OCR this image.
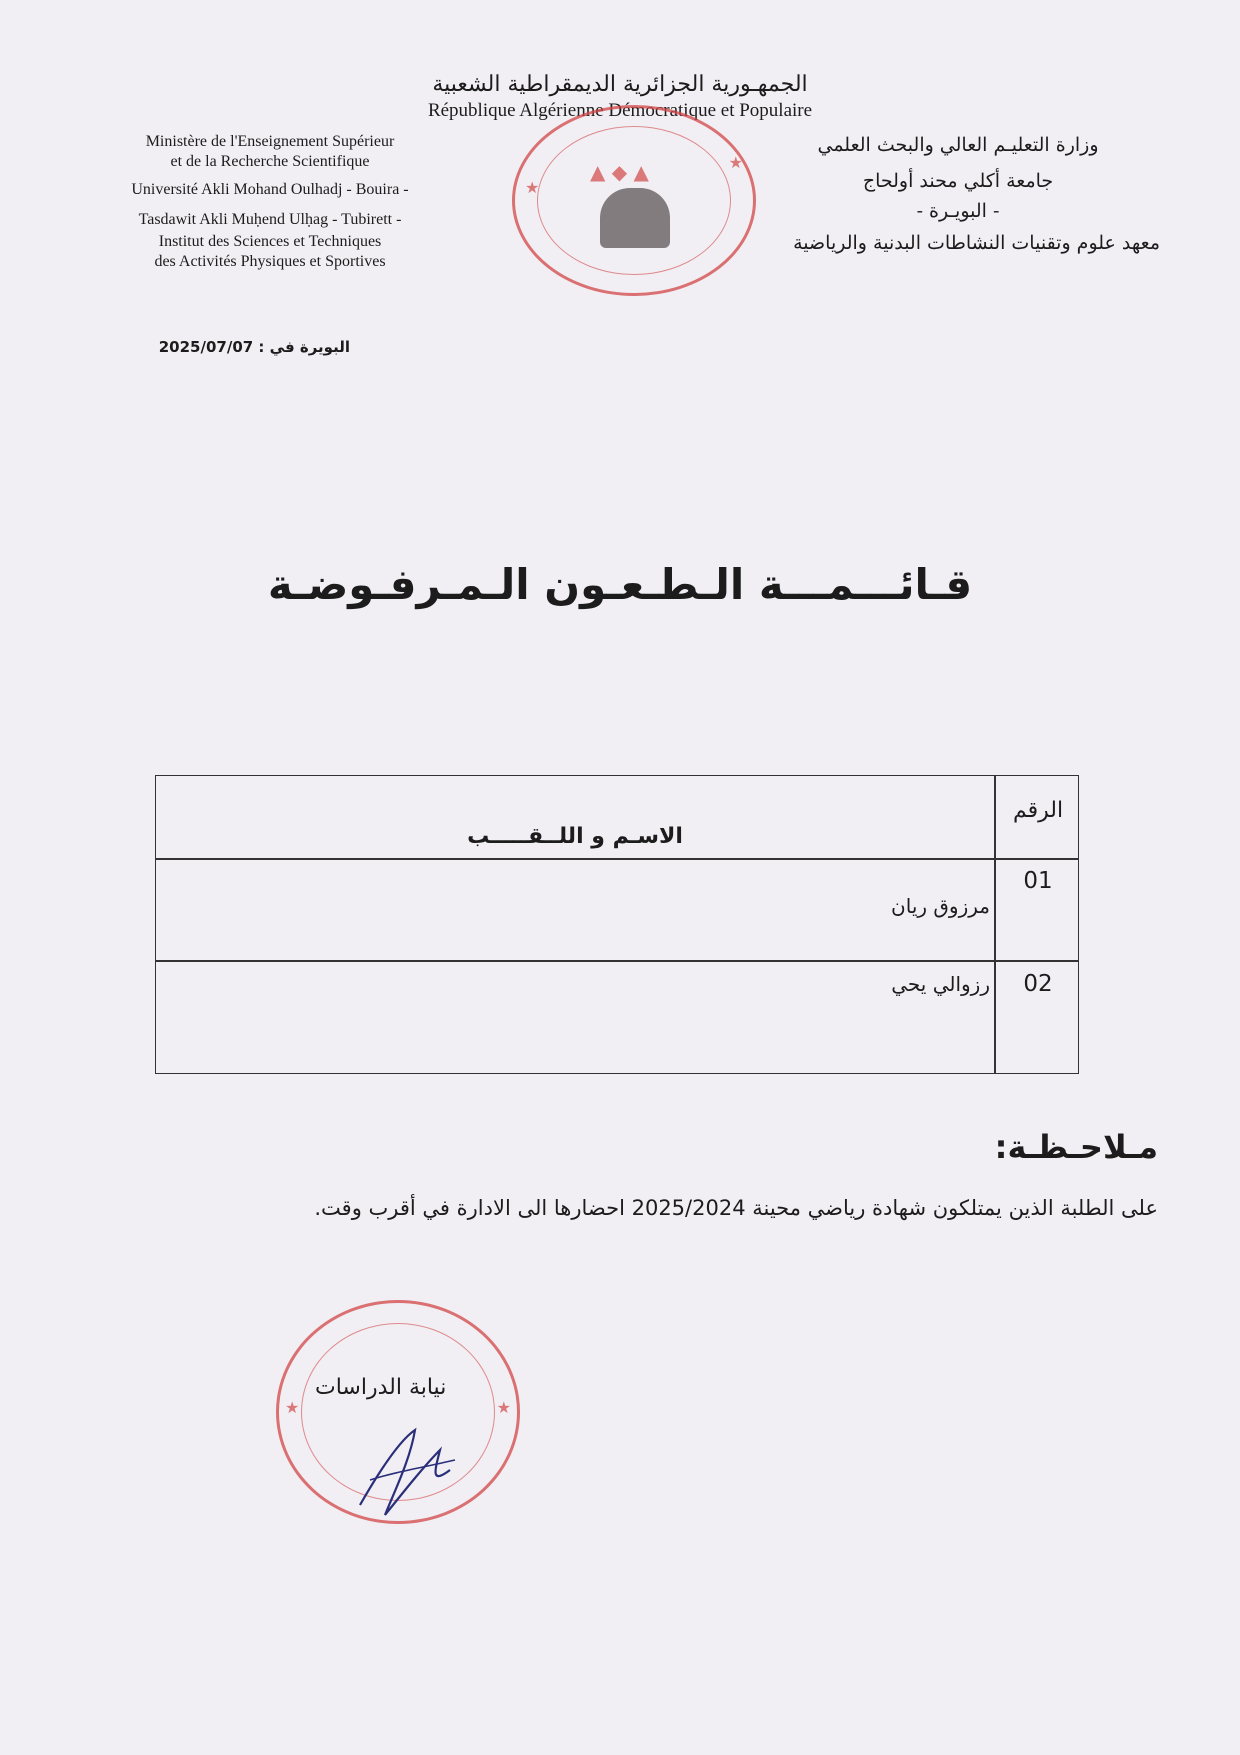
الجمهـورية الجزائرية الديمقراطية الشعبية
République Algérienne Démocratique et Populaire
Ministère de l'Enseignement Supérieur
et de la Recherche Scientifique
Université Akli Mohand Oulhadj - Bouira -
Tasdawit Akli Muḥend Ulḥag - Tubirett -
Institut des Sciences et Techniques
des Activités Physiques et Sportives
وزارة التعليـم العالي والبحث العلمي
جامعة أكلي محند أولحاج
- البويـرة -
معهد علوم وتقنيات النشاطات البدنية والرياضية
▲ ◆ ▲
★
★
البويرة في : 2025/07/07
قـائـــمـــة الـطـعـون الـمـرفـوضـة
الرقم
الاسـم و اللــقـــــب
01
مرزوق ريان
02
رزوالي يحي
مـلاحـظـة:
على الطلبة الذين يمتلكون شهادة رياضي محينة 2025/2024 احضارها الى الادارة في أقرب وقت.
★	★
نيابة الدراسات
